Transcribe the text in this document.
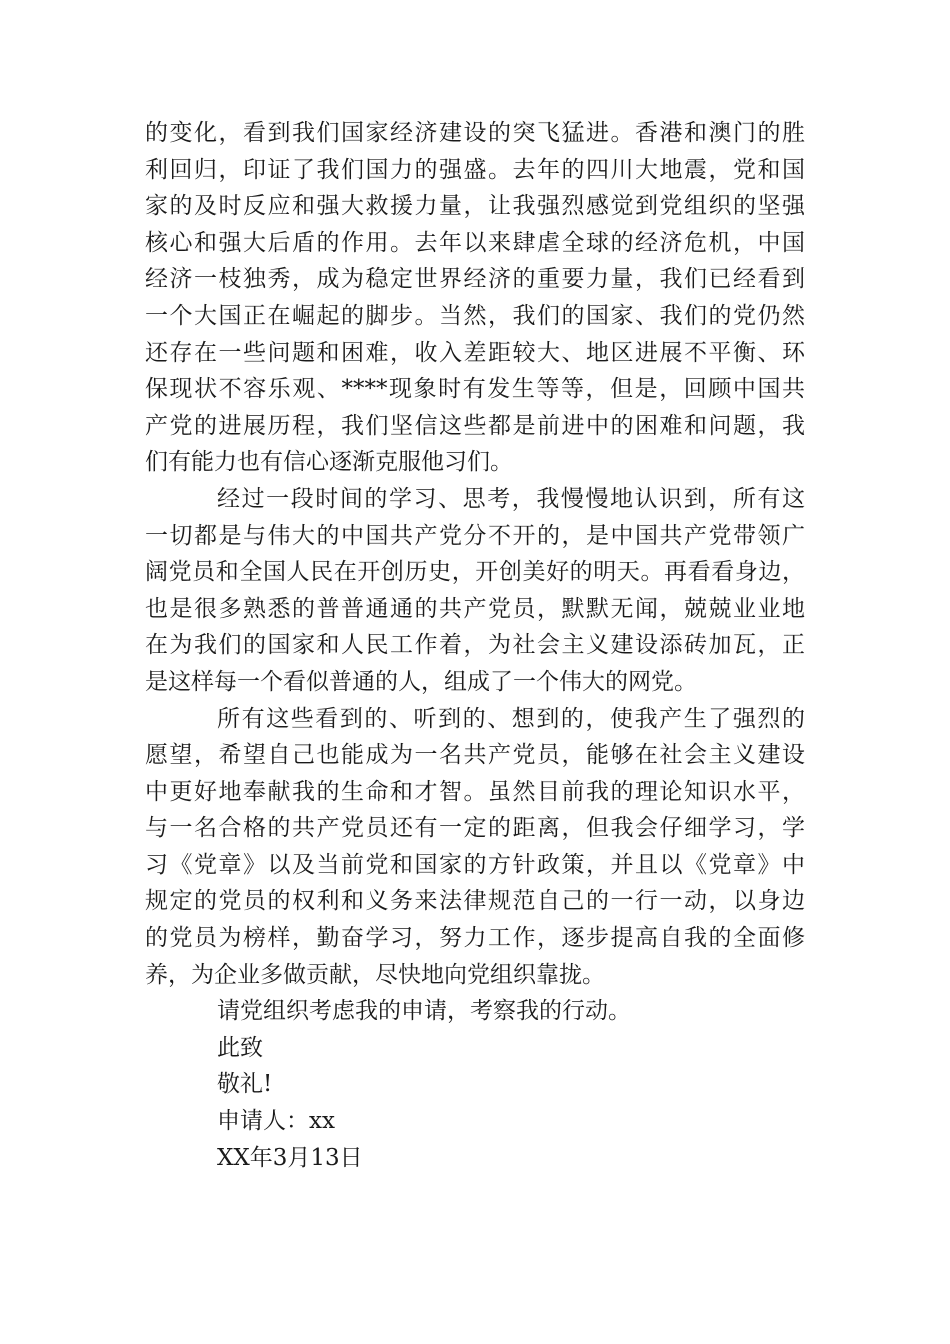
的变化，看到我们国家经济建设的突飞猛进。香港和澳门的胜
利回归，印证了我们国力的强盛。去年的四川大地震，党和国
家的及时反应和强大救援力量，让我强烈感觉到党组织的坚强
核心和强大后盾的作用。去年以来肆虐全球的经济危机，中国
经济一枝独秀，成为稳定世界经济的重要力量，我们已经看到
一个大国正在崛起的脚步。当然，我们的国家、我们的党仍然
还存在一些问题和困难，收入差距较大、地区进展不平衡、环
保现状不容乐观、****现象时有发生等等，但是，回顾中国共
产党的进展历程，我们坚信这些都是前进中的困难和问题，我
们有能力也有信心逐渐克服他习们。
经过一段时间的学习、思考，我慢慢地认识到，所有这
一切都是与伟大的中国共产党分不开的，是中国共产党带领广
阔党员和全国人民在开创历史，开创美好的明天。再看看身边，
也是很多熟悉的普普通通的共产党员，默默无闻，兢兢业业地
在为我们的国家和人民工作着，为社会主义建设添砖加瓦，正
是这样每一个看似普通的人，组成了一个伟大的网党。
所有这些看到的、听到的、想到的，使我产生了强烈的
愿望，希望自己也能成为一名共产党员，能够在社会主义建设
中更好地奉献我的生命和才智。虽然目前我的理论知识水平，
与一名合格的共产党员还有一定的距离，但我会仔细学习，学
习《党章》以及当前党和国家的方针政策，并且以《党章》中
规定的党员的权利和义务来法律规范自己的一行一动，以身边
的党员为榜样，勤奋学习，努力工作，逐步提高自我的全面修
养，为企业多做贡献，尽快地向党组织靠拢。
请党组织考虑我的申请，考察我的行动。
此致
敬礼!
申请人：xx
XX年3月13日
